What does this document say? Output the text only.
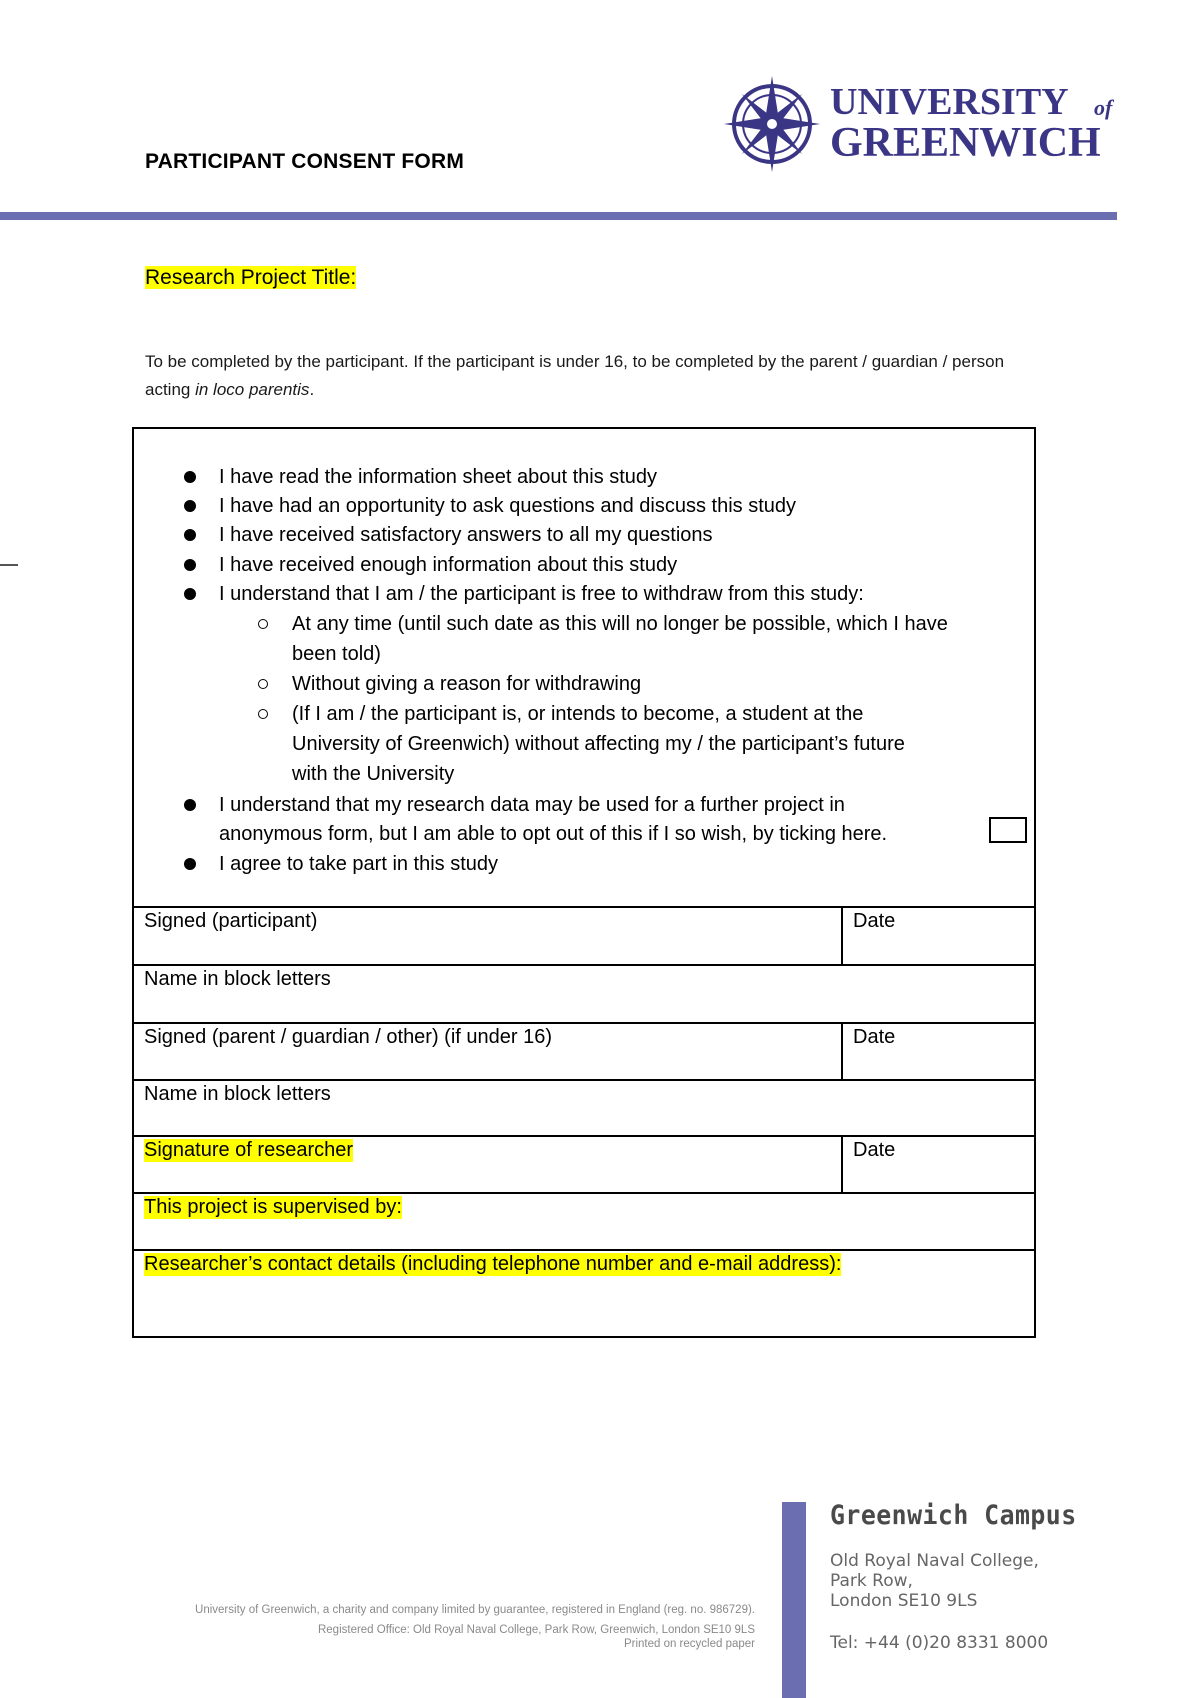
PARTICIPANT CONSENT FORM
UNIVERSITY of
GREENWICH
Research Project Title:
To be completed by the participant. If the participant is under 16, to be completed by the parent / guardian / person acting in loco parentis.
I have read the information sheet about this study
I have had an opportunity to ask questions and discuss this study
I have received satisfactory answers to all my questions
I have received enough information about this study
I understand that I am / the participant is free to withdraw from this study:
At any time (until such date as this will no longer be possible, which I have
been told)
Without giving a reason for withdrawing
(If I am / the participant is, or intends to become, a student at the
University of Greenwich) without affecting my / the participant’s future
with the University
I understand that my research data may be used for a further project in
anonymous form, but I am able to opt out of this if I so wish, by ticking here.
I agree to take part in this study
Signed (participant)	Date
Name in block letters
Signed (parent / guardian / other) (if under 16)	Date
Name in block letters
Signature of researcher	Date
This project is supervised by:
Researcher’s contact details (including telephone number and e-mail address):
University of Greenwich, a charity and company limited by guarantee, registered in England (reg. no. 986729).
Registered Office: Old Royal Naval College, Park Row, Greenwich, London SE10 9LS
Printed on recycled paper
Greenwich Campus
Old Royal Naval College,
Park Row,
London SE10 9LS
Tel: +44 (0)20 8331 8000
